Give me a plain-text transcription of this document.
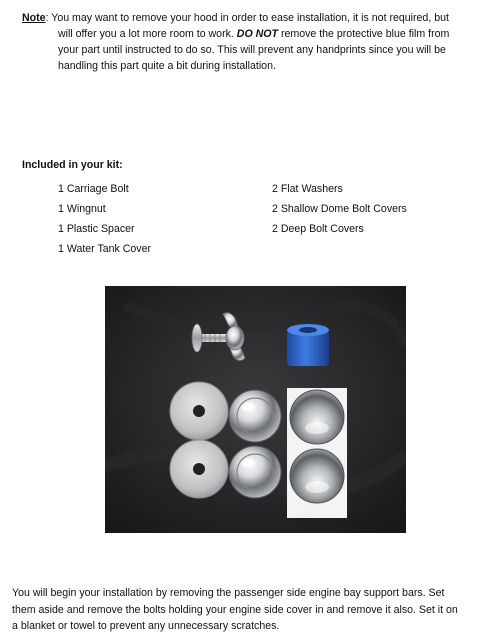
Note: You may want to remove your hood in order to ease installation, it is not required, but
will offer you a lot more room to work. DO NOT remove the protective blue film from
your part until instructed to do so. This will prevent any handprints since you will be
handling this part quite a bit during installation.

Included in your kit:

1 Carriage Bolt
1 Wingnut
1 Plastic Spacer
1 Water Tank Cover
2 Flat Washers
2 Shallow Dome Bolt Covers
2 Deep Bolt Covers

You will begin your installation by removing the passenger side engine bay support bars. Set
them aside and remove the bolts holding your engine side cover in and remove it also. Set it on
a blanket or towel to prevent any unnecessary scratches.
